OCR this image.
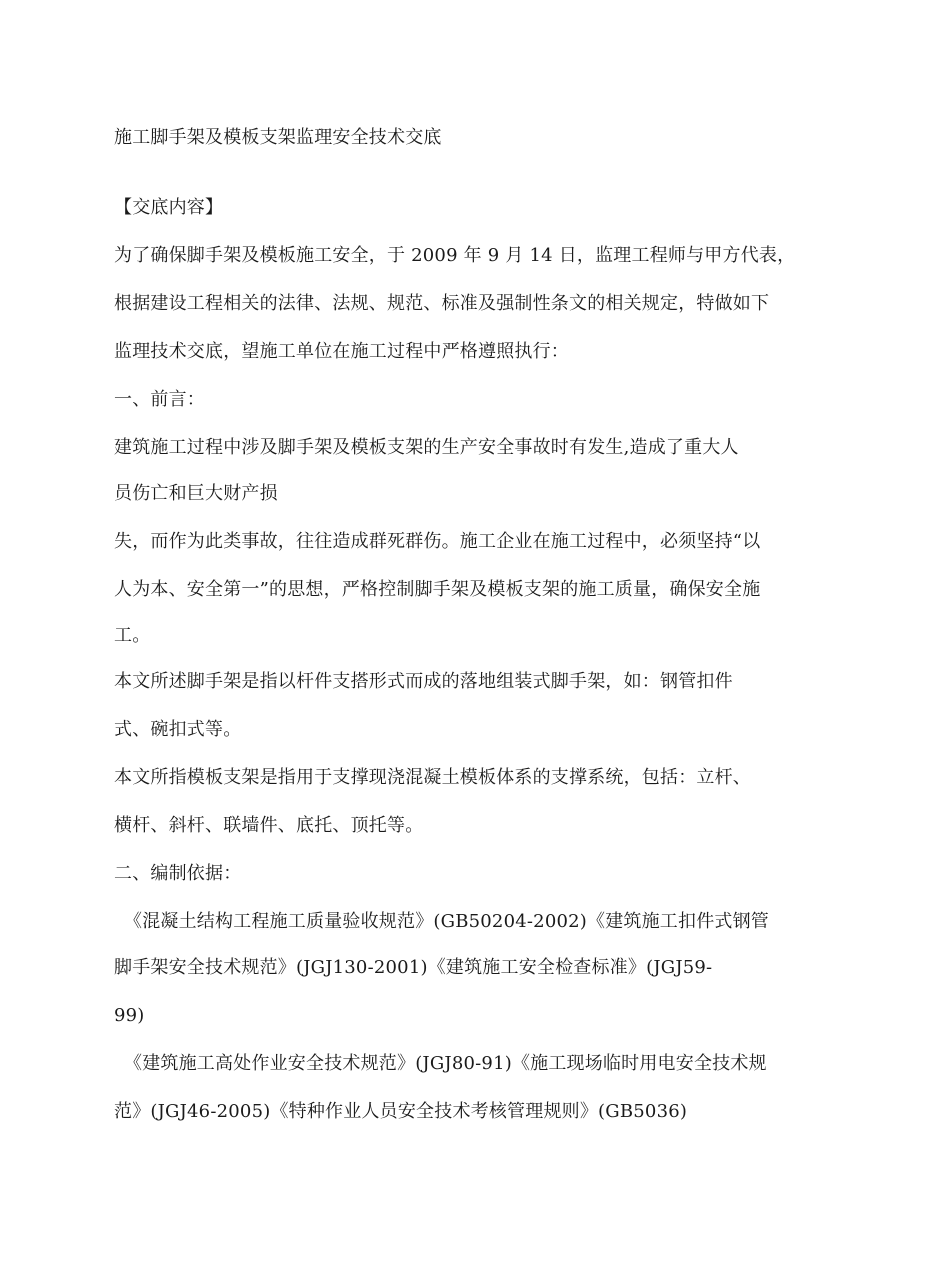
施工脚手架及模板支架监理安全技术交底
【交底内容】
为了确保脚手架及模板施工安全，于 2009 年 9 月 14 日，监理工程师与甲方代表，
根据建设工程相关的法律、法规、规范、标准及强制性条文的相关规定，特做如下
监理技术交底，望施工单位在施工过程中严格遵照执行：
一、前言：
建筑施工过程中涉及脚手架及模板支架的生产安全事故时有发生,造成了重大人
员伤亡和巨大财产损
失，而作为此类事故，往往造成群死群伤。施工企业在施工过程中，必须坚持“以
人为本、安全第一”的思想，严格控制脚手架及模板支架的施工质量，确保安全施
工。
本文所述脚手架是指以杆件支搭形式而成的落地组装式脚手架，如：钢管扣件
式、碗扣式等。
本文所指模板支架是指用于支撑现浇混凝土模板体系的支撑系统，包括：立杆、
横杆、斜杆、联墙件、底托、顶托等。
二、编制依据：
《混凝土结构工程施工质量验收规范》(GB50204-2002)《建筑施工扣件式钢管
脚手架安全技术规范》(JGJ130-2001)《建筑施工安全检查标准》(JGJ59-
99)
《建筑施工高处作业安全技术规范》(JGJ80-91)《施工现场临时用电安全技术规
范》(JGJ46-2005)《特种作业人员安全技术考核管理规则》(GB5036)
